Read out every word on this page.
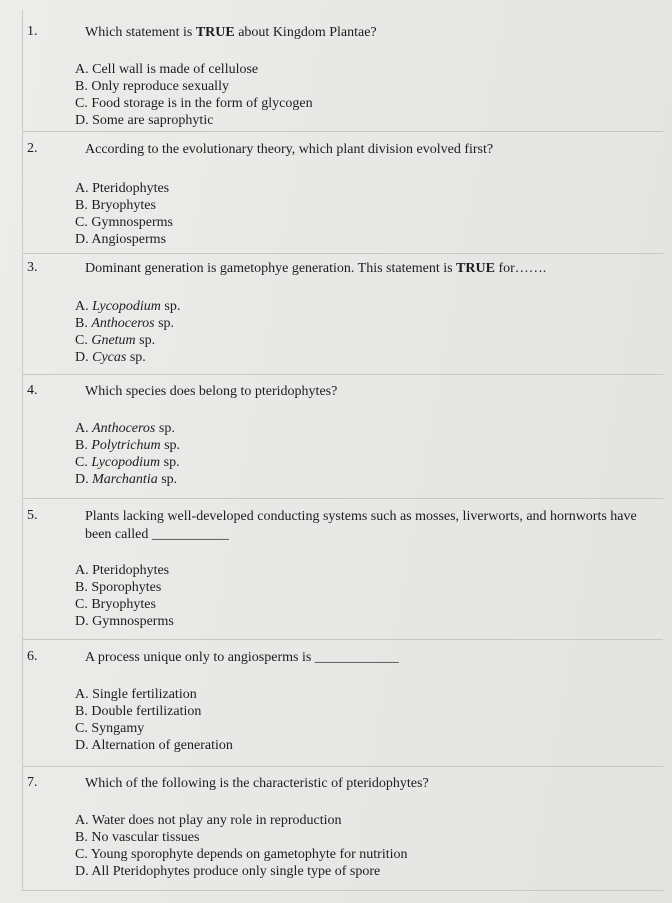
1.	Which statement is TRUE about Kingdom Plantae?
A. Cell wall is made of cellulose
B. Only reproduce sexually
C. Food storage is in the form of glycogen
D. Some are saprophytic
2.	According to the evolutionary theory, which plant division evolved first?
A. Pteridophytes
B. Bryophytes
C. Gymnosperms
D. Angiosperms
3.	Dominant generation is gametophye generation. This statement is TRUE for…….
A. Lycopodium sp.
B. Anthoceros sp.
C. Gnetum sp.
D. Cycas sp.
4.	Which species does belong to pteridophytes?
A. Anthoceros sp.
B. Polytrichum sp.
C. Lycopodium sp.
D. Marchantia sp.
5.	Plants lacking well-developed conducting systems such as mosses, liverworts, and hornworts have been called ___________
A. Pteridophytes
B. Sporophytes
C. Bryophytes
D. Gymnosperms
6.	A process unique only to angiosperms is ____________
A. Single fertilization
B. Double fertilization
C. Syngamy
D. Alternation of generation
7.	Which of the following is the characteristic of pteridophytes?
A. Water does not play any role in reproduction
B. No vascular tissues
C. Young sporophyte depends on gametophyte for nutrition
D. All Pteridophytes produce only single type of spore
